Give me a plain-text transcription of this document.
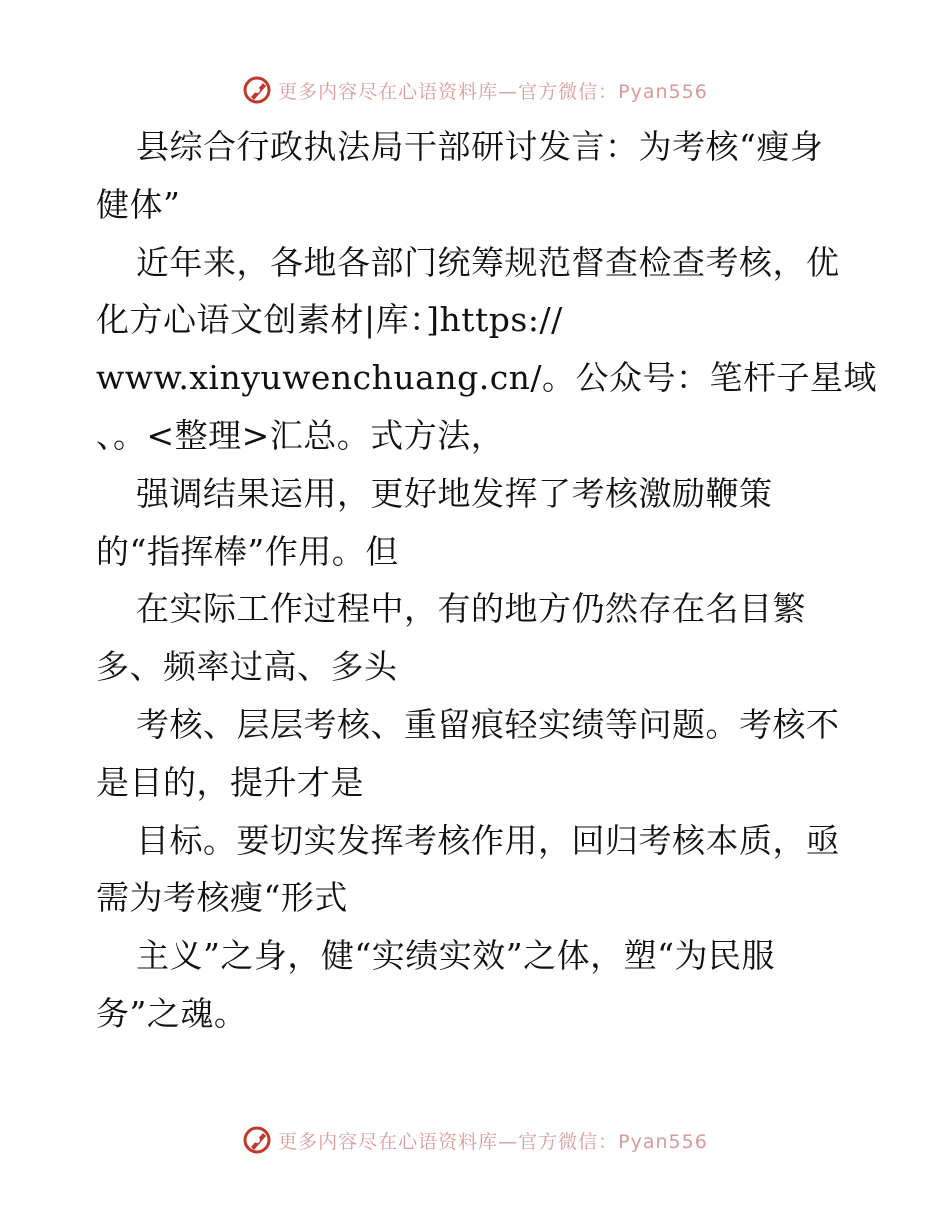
更多内容尽在心语资料库—官方微信：Pyan556
县综合行政执法局干部研讨发言：为考核“瘦身
健体”
近年来，各地各部门统筹规范督查检查考核，优
化方心语文创素材|库：]https://
www.xinyuwenchuang.cn/。公众号：笔杆子星域
、。<整理>汇总。式方法，
强调结果运用，更好地发挥了考核激励鞭策
的“指挥棒”作用。但
在实际工作过程中，有的地方仍然存在名目繁
多、频率过高、多头
考核、层层考核、重留痕轻实绩等问题。考核不
是目的，提升才是
目标。要切实发挥考核作用，回归考核本质，亟
需为考核瘦“形式
主义”之身，健“实绩实效”之体，塑“为民服
务”之魂。
更多内容尽在心语资料库—官方微信：Pyan556
